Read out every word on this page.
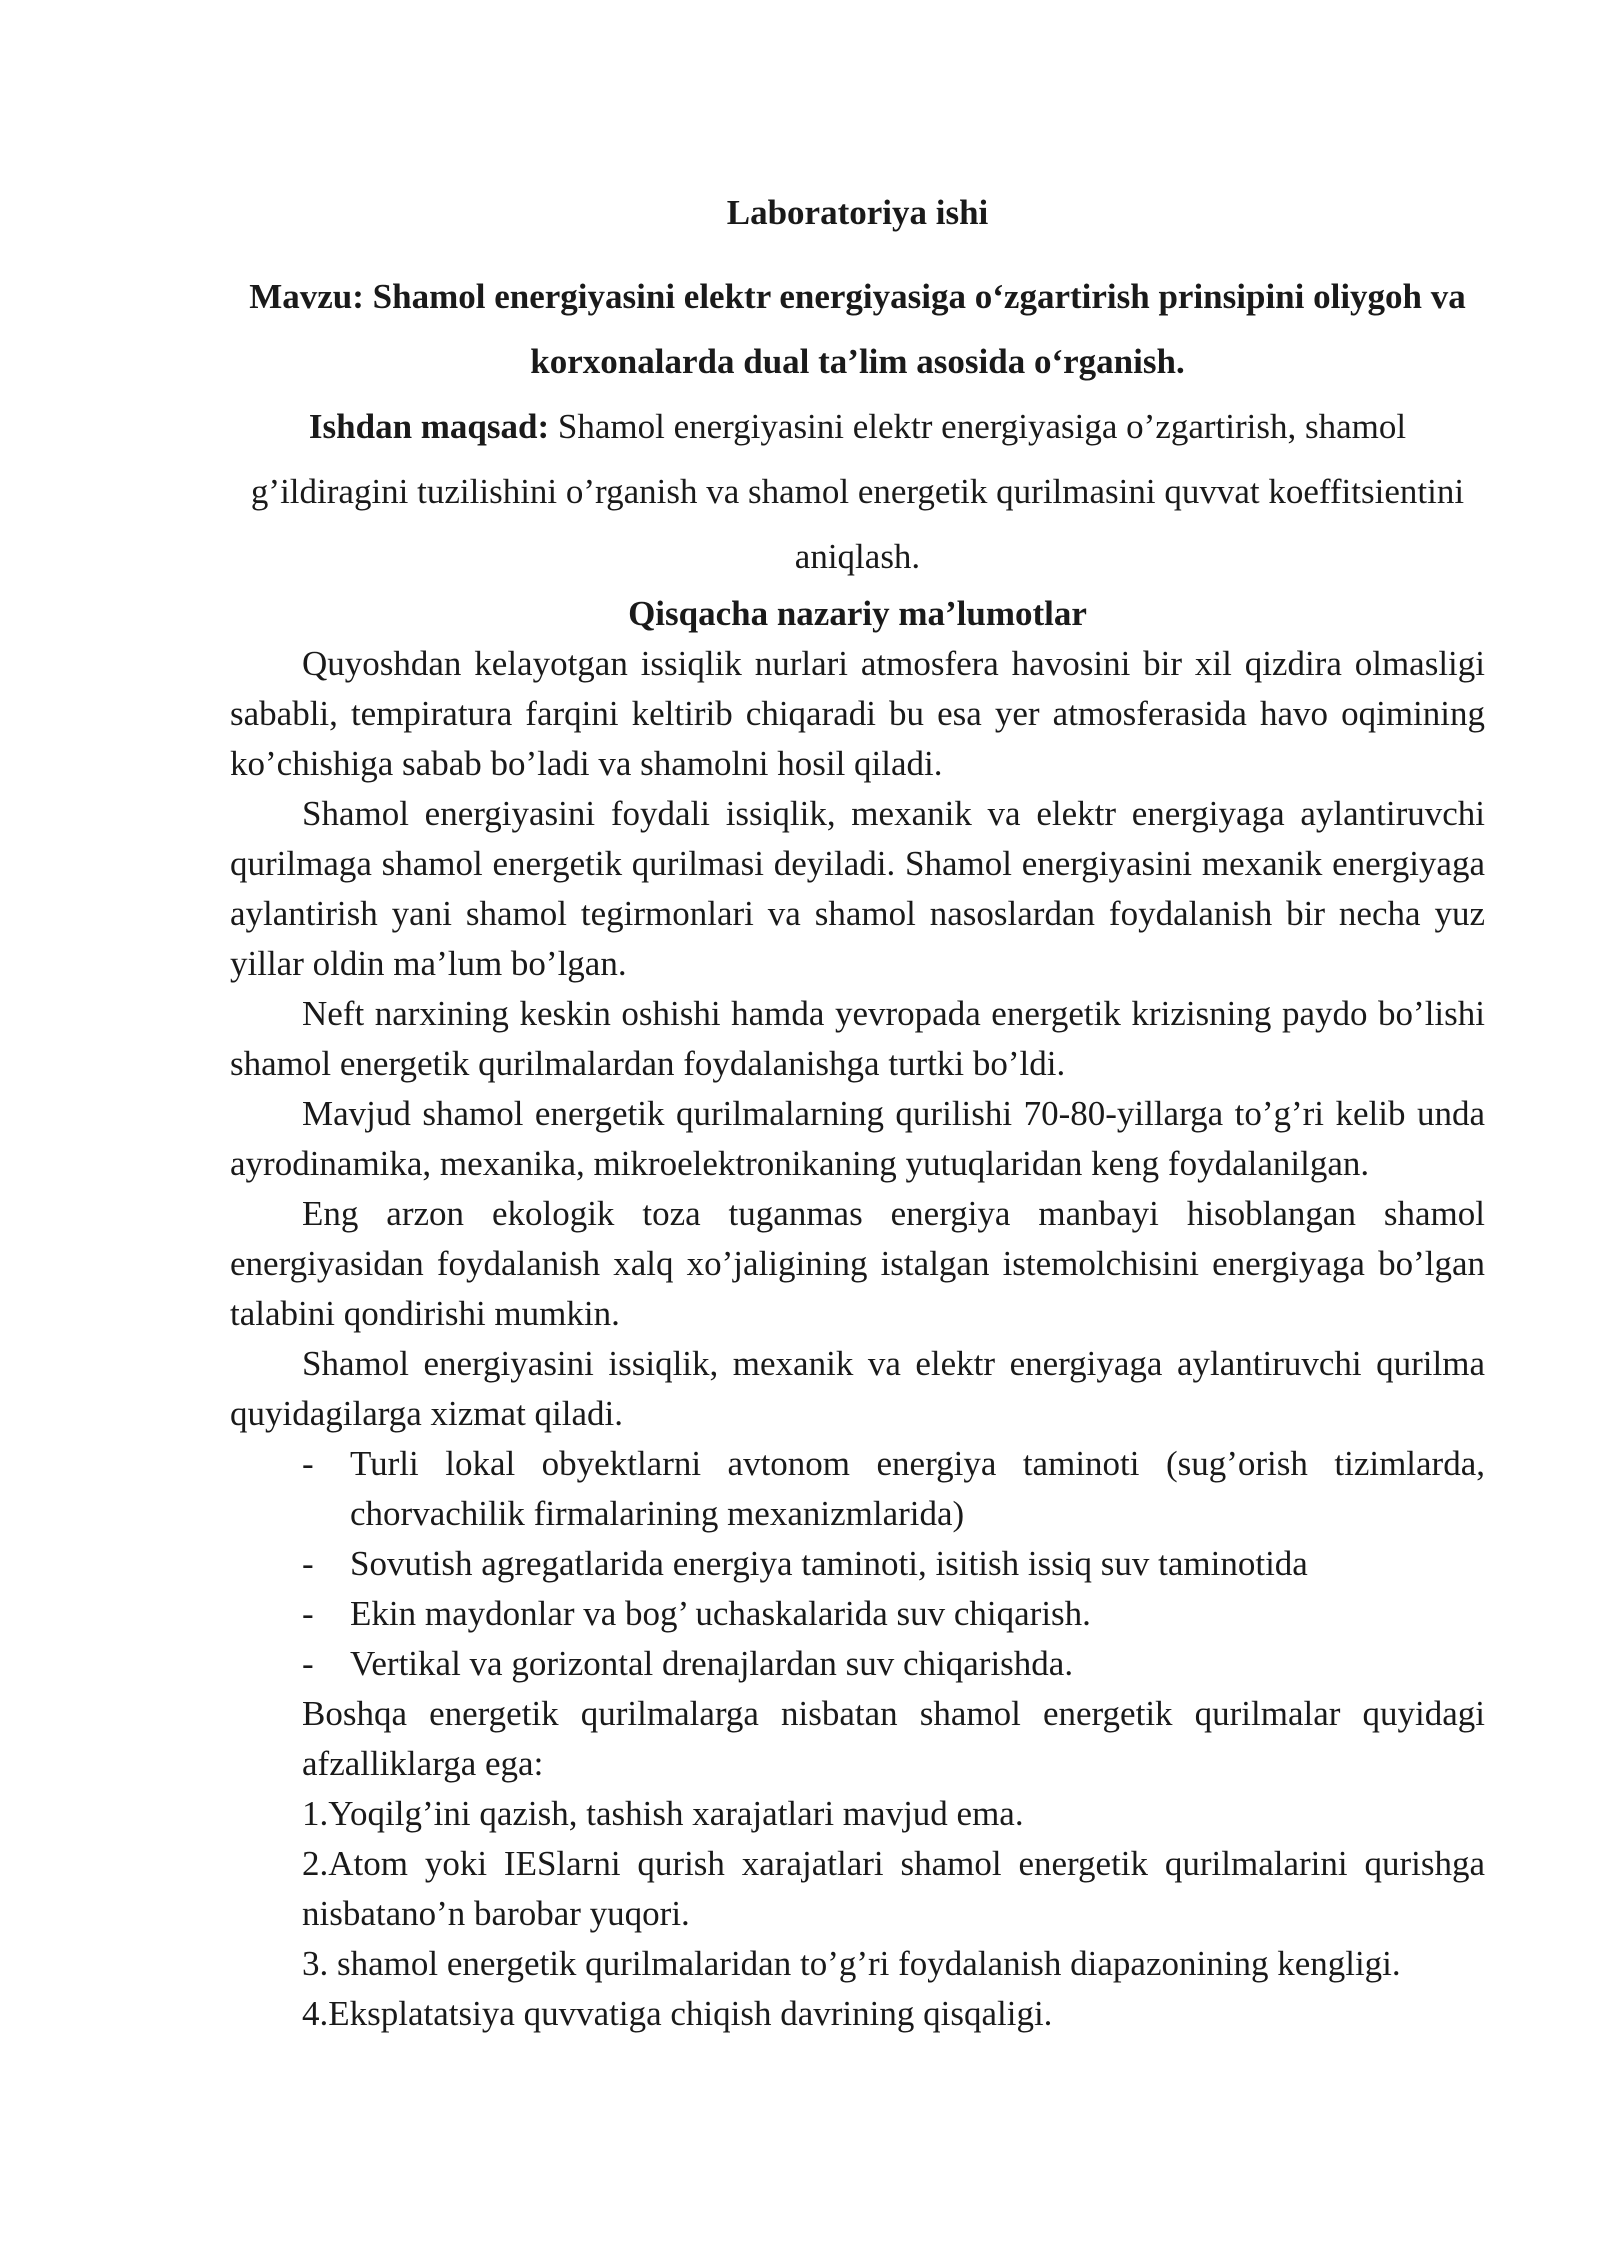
Laboratoriya ishi

Mavzu: Shamol energiyasini elektr energiyasiga o‘zgartirish prinsipini oliygoh va korxonalarda dual ta’lim asosida o‘rganish.

Ishdan maqsad: Shamol energiyasini elektr energiyasiga o’zgartirish, shamol g’ildiragini tuzilishini o’rganish va shamol energetik qurilmasini quvvat koeffitsientini aniqlash.

Qisqacha nazariy ma’lumotlar

Quyoshdan kelayotgan issiqlik nurlari atmosfera havosini bir xil qizdira olmasligi sababli, tempiratura farqini keltirib chiqaradi bu esa yer atmosferasida havo oqimining ko’chishiga sabab bo’ladi va shamolni hosil qiladi.

Shamol energiyasini foydali issiqlik, mexanik va elektr energiyaga aylantiruvchi qurilmaga shamol energetik qurilmasi deyiladi. Shamol energiyasini mexanik energiyaga aylantirish yani shamol tegirmonlari va shamol nasoslardan foydalanish bir necha yuz yillar oldin ma’lum bo’lgan.

Neft narxining keskin oshishi hamda yevropada energetik krizisning paydo bo’lishi shamol energetik qurilmalardan foydalanishga turtki bo’ldi.

Mavjud shamol energetik qurilmalarning qurilishi 70-80-yillarga to’g’ri kelib unda ayrodinamika, mexanika, mikroelektronikaning yutuqlaridan keng foydalanilgan.

Eng arzon ekologik toza tuganmas energiya manbayi hisoblangan shamol energiyasidan foydalanish xalq xo’jaligining istalgan istemolchisini energiyaga bo’lgan talabini qondirishi mumkin.

Shamol energiyasini issiqlik, mexanik va elektr energiyaga aylantiruvchi qurilma quyidagilarga xizmat qiladi.

-	Turli lokal obyektlarni avtonom energiya taminoti (sug’orish tizimlarda, chorvachilik firmalarining mexanizmlarida)
-	Sovutish agregatlarida energiya taminoti, isitish issiq suv taminotida
-	Ekin maydonlar va bog’ uchaskalarida suv chiqarish.
-	Vertikal va gorizontal drenajlardan suv chiqarishda.

Boshqa energetik qurilmalarga nisbatan shamol energetik qurilmalar quyidagi afzalliklarga ega:

1.Yoqilg’ini qazish, tashish xarajatlari mavjud ema.

2.Atom yoki IESlarni qurish xarajatlari shamol energetik qurilmalarini qurishga nisbatano’n barobar yuqori.

3. shamol energetik qurilmalaridan to’g’ri foydalanish diapazonining kengligi.

4.Eksplatatsiya quvvatiga chiqish davrining qisqaligi.
